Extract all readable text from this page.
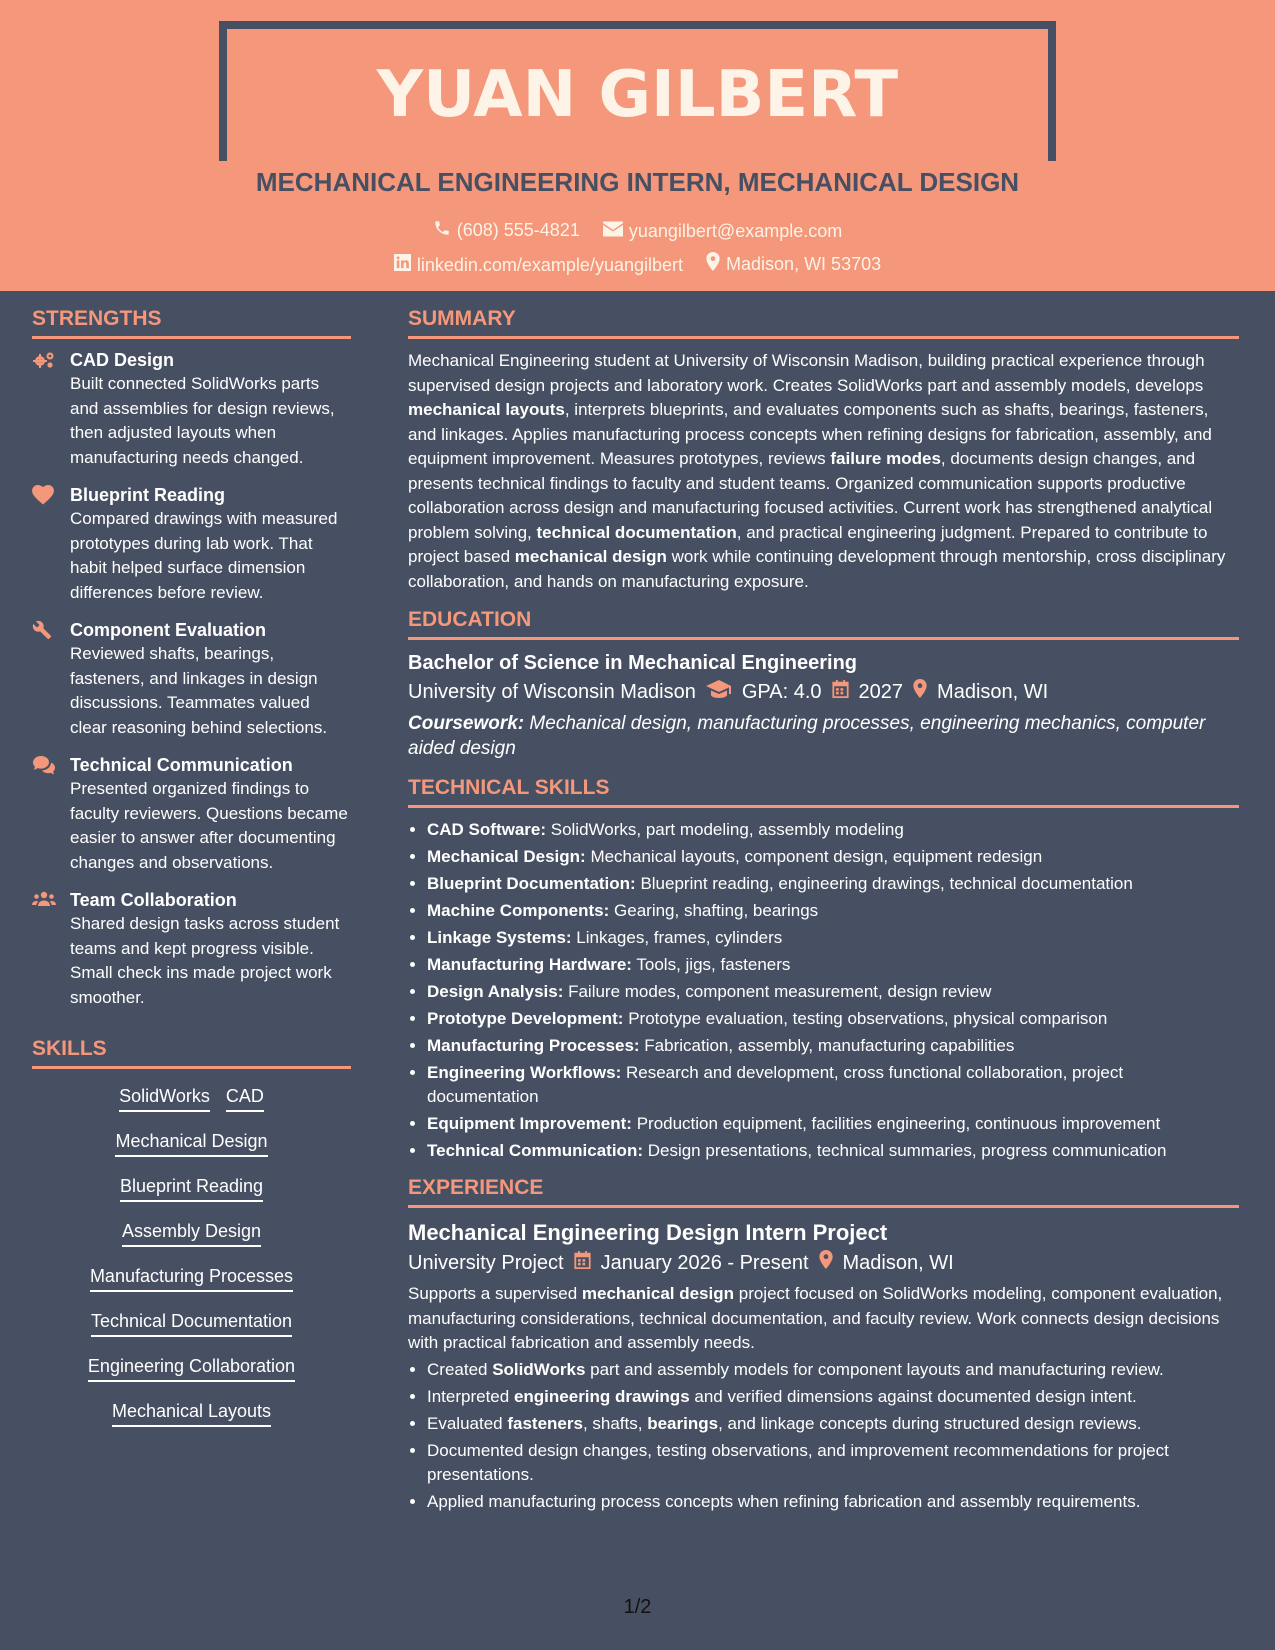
YUAN GILBERT
MECHANICAL ENGINEERING INTERN, MECHANICAL DESIGN
(608) 555-4821
	yuangilbert@example.com
linkedin.com/example/yuangilbert
Madison, WI 53703
STRENGTHS
CAD Design
Built connected SolidWorks parts and assemblies for design reviews, then adjusted layouts when manufacturing needs changed.
Blueprint Reading
Compared drawings with measured prototypes during lab work. That habit helped surface dimension differences before review.
Component Evaluation
Reviewed shafts, bearings, fasteners, and linkages in design discussions. Teammates valued clear reasoning behind selections.
Technical Communication
Presented organized findings to faculty reviewers. Questions became easier to answer after documenting changes and observations.
Team Collaboration
Shared design tasks across student teams and kept progress visible. Small check ins made project work smoother.
SKILLS
SolidWorks CAD
Mechanical Design
Blueprint Reading
Assembly Design
Manufacturing Processes
Technical Documentation
Engineering Collaboration
Mechanical Layouts
SUMMARY
Mechanical Engineering student at University of Wisconsin Madison, building practical experience through supervised design projects and laboratory work. Creates SolidWorks part and assembly models, develops mechanical layouts, interprets blueprints, and evaluates components such as shafts, bearings, fasteners, and linkages. Applies manufacturing process concepts when refining designs for fabrication, assembly, and equipment improvement. Measures prototypes, reviews failure modes, documents design changes, and presents technical findings to faculty and student teams. Organized communication supports productive collaboration across design and manufacturing focused activities. Current work has strengthened analytical problem solving, technical documentation, and practical engineering judgment. Prepared to contribute to project based mechanical design work while continuing development through mentorship, cross disciplinary collaboration, and hands on manufacturing exposure.
EDUCATION
Bachelor of Science in Mechanical Engineering
University of Wisconsin Madison GPA: 4.0 2027 Madison, WI
Coursework: Mechanical design, manufacturing processes, engineering mechanics, computer aided design
TECHNICAL SKILLS
• CAD Software: SolidWorks, part modeling, assembly modeling
• Mechanical Design: Mechanical layouts, component design, equipment redesign
• Blueprint Documentation: Blueprint reading, engineering drawings, technical documentation
• Machine Components: Gearing, shafting, bearings
• Linkage Systems: Linkages, frames, cylinders
• Manufacturing Hardware: Tools, jigs, fasteners
• Design Analysis: Failure modes, component measurement, design review
• Prototype Development: Prototype evaluation, testing observations, physical comparison
• Manufacturing Processes: Fabrication, assembly, manufacturing capabilities
• Engineering Workflows: Research and development, cross functional collaboration, project documentation
• Equipment Improvement: Production equipment, facilities engineering, continuous improvement
• Technical Communication: Design presentations, technical summaries, progress communication
EXPERIENCE
Mechanical Engineering Design Intern Project
University Project January 2026 - Present Madison, WI
Supports a supervised mechanical design project focused on SolidWorks modeling, component evaluation, manufacturing considerations, technical documentation, and faculty review. Work connects design decisions with practical fabrication and assembly needs.
• Created SolidWorks part and assembly models for component layouts and manufacturing review.
• Interpreted engineering drawings and verified dimensions against documented design intent.
• Evaluated fasteners, shafts, bearings, and linkage concepts during structured design reviews.
• Documented design changes, testing observations, and improvement recommendations for project presentations.
• Applied manufacturing process concepts when refining fabrication and assembly requirements.
1/2
